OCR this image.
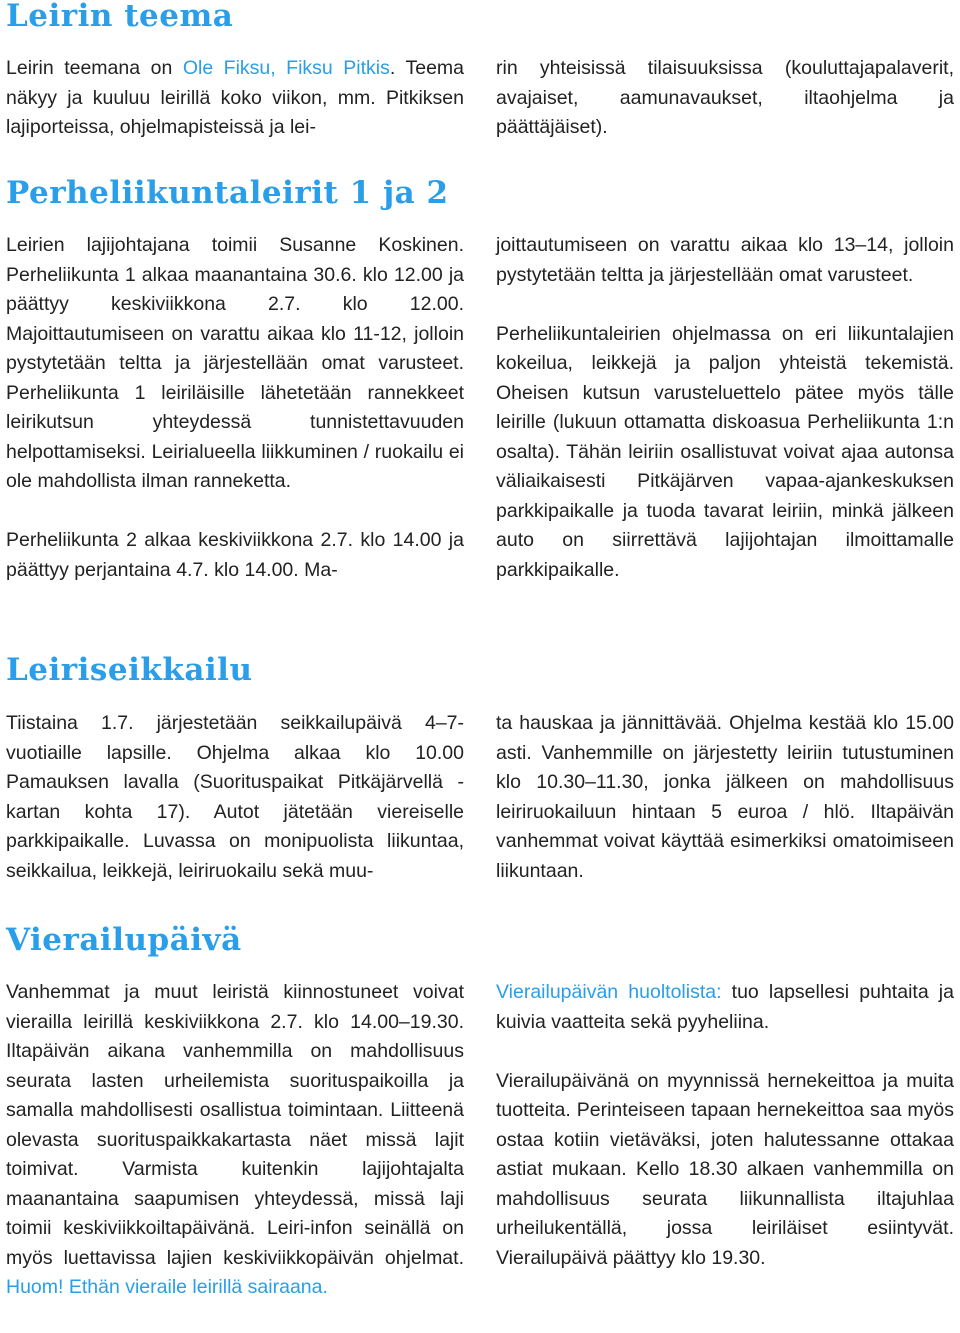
Leirin teema

Leirin teemana on Ole Fiksu, Fiksu Pitkis. Teema näkyy ja kuuluu leirillä koko viikon, mm. Pitkiksen lajiporteissa, ohjelmapisteissä ja lei-

rin yhteisissä tilaisuuksissa (kouluttajapalaverit, avajaiset, aamunavaukset, iltaohjelma ja päättäjäiset).

Perheliikuntaleirit 1 ja 2

Leirien lajijohtajana toimii Susanne Koskinen. Perheliikunta 1 alkaa maanantaina 30.6. klo 12.00 ja päättyy keskiviikkona 2.7. klo 12.00. Majoittautumiseen on varattu aikaa klo 11-12, jolloin pystytetään teltta ja järjestellään omat varusteet. Perheliikunta 1 leiriläisille lähetetään rannekkeet leirikutsun yhteydessä tunnistettavuuden helpottamiseksi. Leirialueella liikkuminen / ruokailu ei ole mahdollista ilman ranneketta.

Perheliikunta 2 alkaa keskiviikkona 2.7. klo 14.00 ja päättyy perjantaina 4.7. klo 14.00. Ma-

joittautumiseen on varattu aikaa klo 13–14, jolloin pystytetään teltta ja järjestellään omat varusteet.

Perheliikuntaleirien ohjelmassa on eri liikuntalajien kokeilua, leikkejä ja paljon yhteistä tekemistä. Oheisen kutsun varusteluettelo pätee myös tälle leirille (lukuun ottamatta diskoasua Perheliikunta 1:n osalta). Tähän leiriin osallistuvat voivat ajaa autonsa väliaikaisesti Pitkäjärven vapaa-ajankeskuksen parkkipaikalle ja tuoda tavarat leiriin, minkä jälkeen auto on siirrettävä lajijohtajan ilmoittamalle parkkipaikalle.

Leiriseikkailu

Tiistaina 1.7. järjestetään seikkailupäivä 4–7-vuotiaille lapsille. Ohjelma alkaa klo 10.00 Pamauksen lavalla (Suorituspaikat Pitkäjärvellä -kartan kohta 17). Autot jätetään viereiselle parkkipaikalle. Luvassa on monipuolista liikuntaa, seikkailua, leikkejä, leiriruokailu sekä muu-

ta hauskaa ja jännittävää. Ohjelma kestää klo 15.00 asti. Vanhemmille on järjestetty leiriin tutustuminen klo 10.30–11.30, jonka jälkeen on mahdollisuus leiriruokailuun hintaan 5 euroa / hlö. Iltapäivän vanhemmat voivat käyttää esimerkiksi omatoimiseen liikuntaan.

Vierailupäivä

Vanhemmat ja muut leiristä kiinnostuneet voivat vierailla leirillä keskiviikkona 2.7. klo 14.00–19.30. Iltapäivän aikana vanhemmilla on mahdollisuus seurata lasten urheilemista suorituspaikoilla ja samalla mahdollisesti osallistua toimintaan. Liitteenä olevasta suorituspaikkakartasta näet missä lajit toimivat. Varmista kuitenkin lajijohtajalta maanantaina saapumisen yhteydessä, missä laji toimii keskiviikkoiltapäivänä. Leiri-infon seinällä on myös luettavissa lajien keskiviikkopäivän ohjelmat. Huom! Ethän vieraile leirillä sairaana.

Vierailupäivän huoltolista: tuo lapsellesi puhtaita ja kuivia vaatteita sekä pyyheliina.

Vierailupäivänä on myynnissä hernekeittoa ja muita tuotteita. Perinteiseen tapaan hernekeittoa saa myös ostaa kotiin vietäväksi, joten halutessanne ottakaa astiat mukaan. Kello 18.30 alkaen vanhemmilla on mahdollisuus seurata liikunnallista iltajuhlaa urheilukentällä, jossa leiriläiset esiintyvät. Vierailupäivä päättyy klo 19.30.
